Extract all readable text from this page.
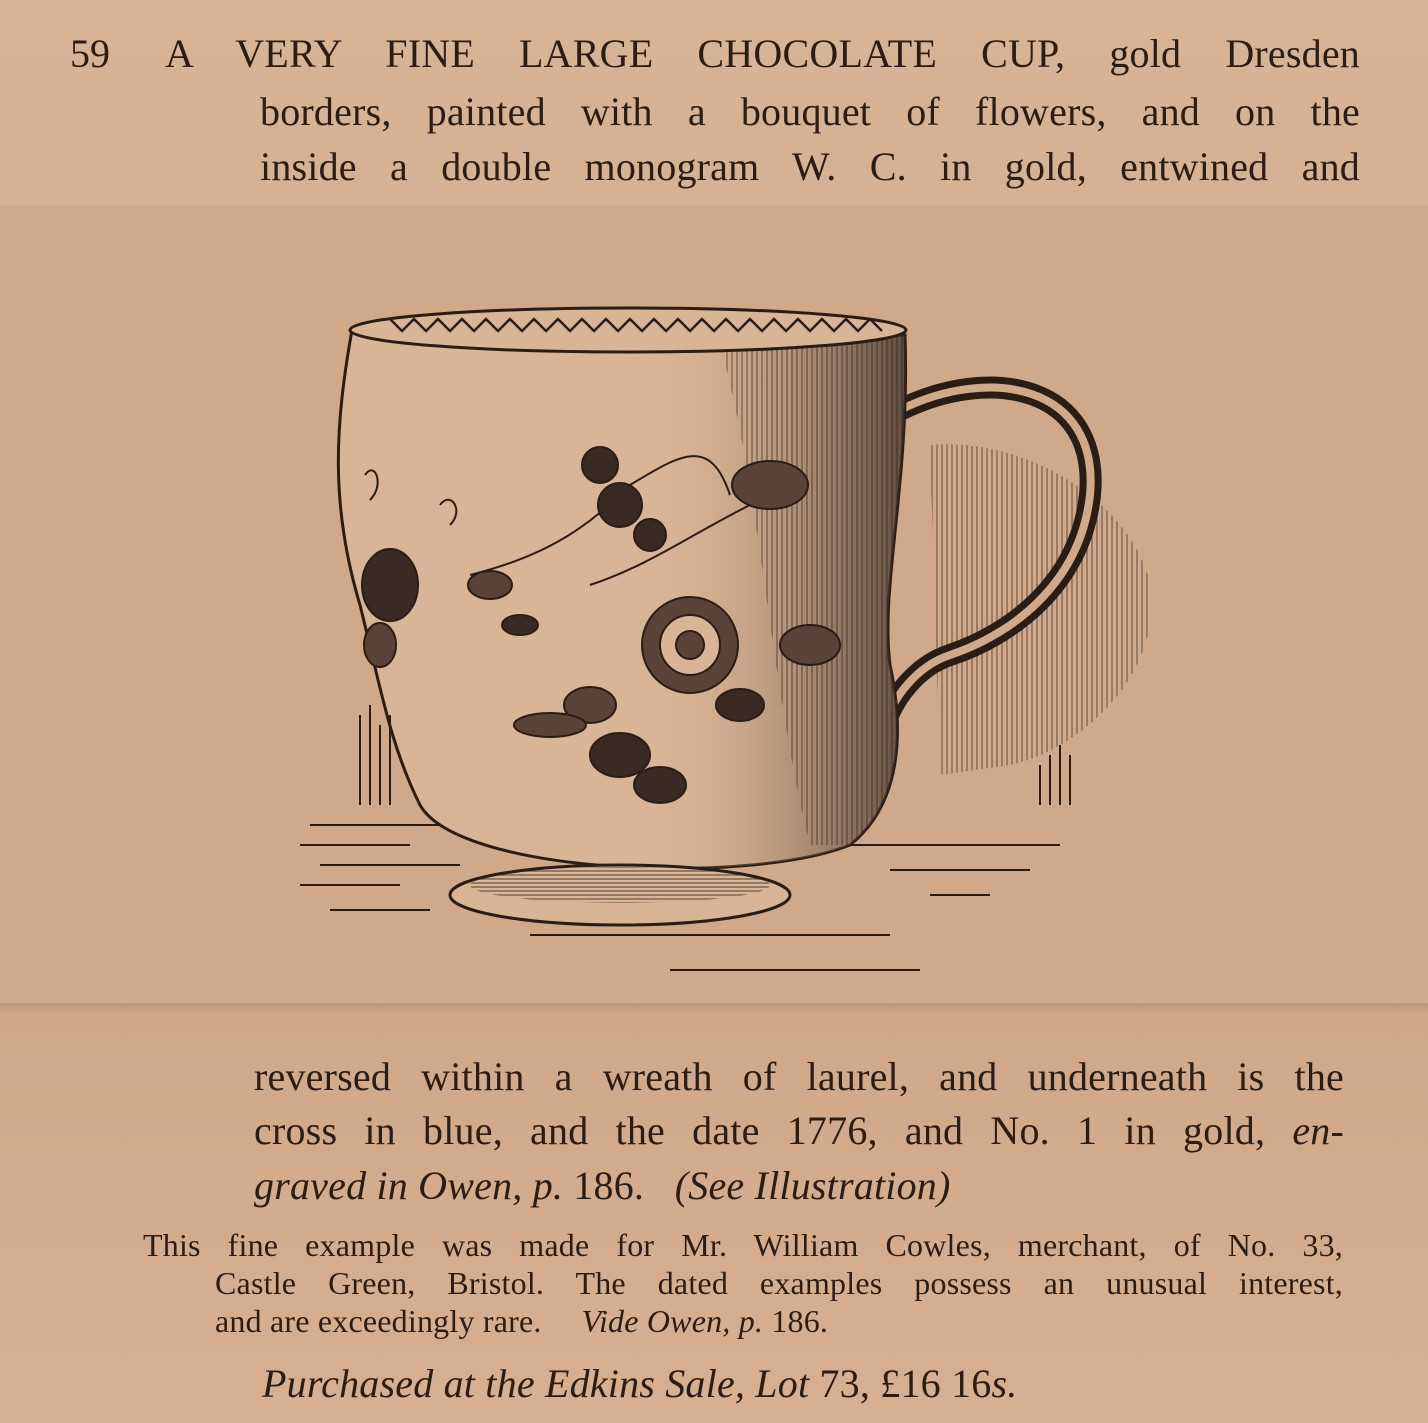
59 A VERY FINE LARGE CHOCOLATE CUP, gold Dresden
borders, painted with a bouquet of flowers, and on the
inside a double monogram W. C. in gold, entwined and
reversed within a wreath of laurel, and underneath is the
cross in blue, and the date 1776, and No. 1 in gold, en-
graved in Owen, p. 186. (See Illustration)
This fine example was made for Mr. William Cowles, merchant, of No. 33,
Castle Green, Bristol. The dated examples possess an unusual interest,
and are exceedingly rare. Vide Owen, p. 186.
Purchased at the Edkins Sale, Lot 73, £16 16s.
